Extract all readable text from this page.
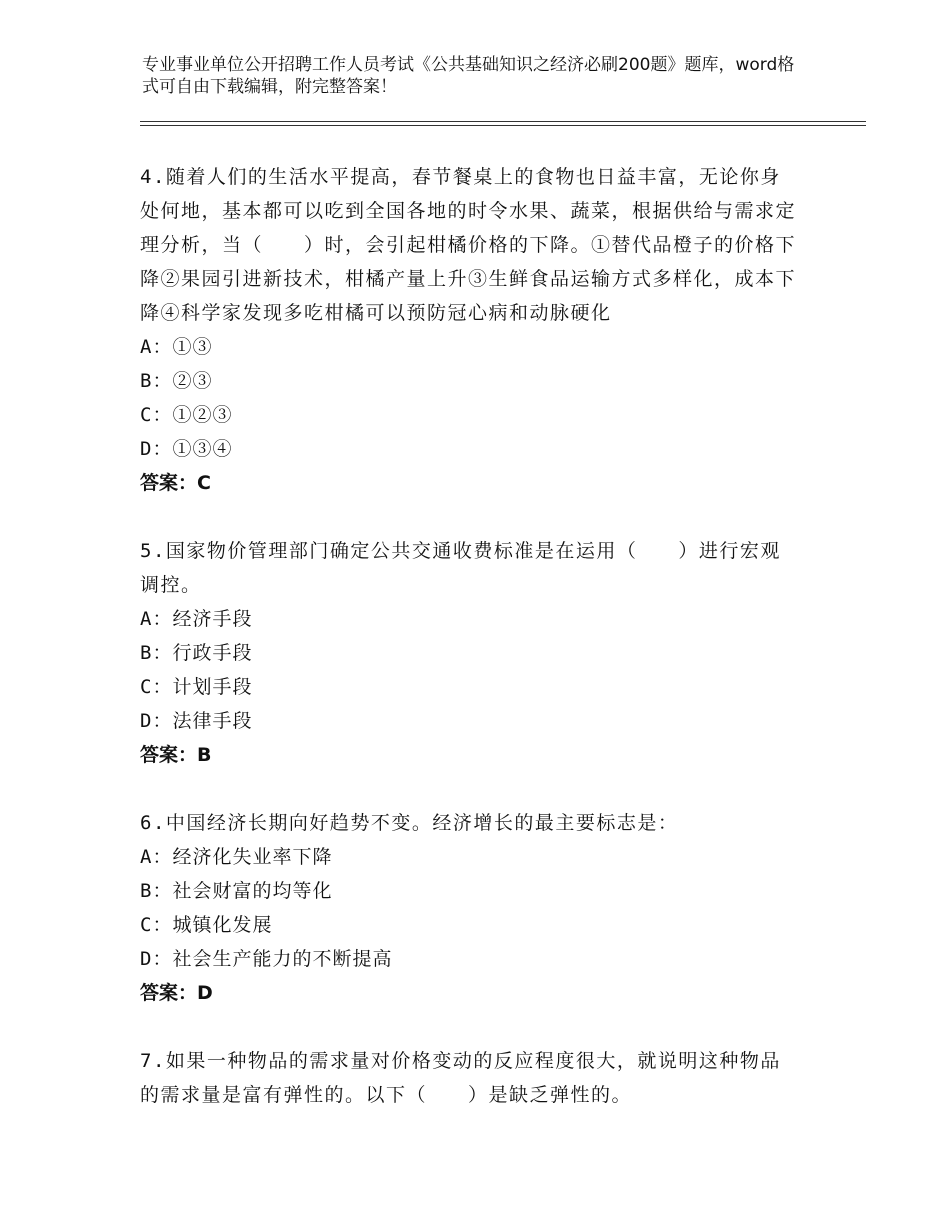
专业事业单位公开招聘工作人员考试《公共基础知识之经济必刷200题》题库，word格式可自由下载编辑，附完整答案！
4.随着人们的生活水平提高，春节餐桌上的食物也日益丰富，无论你身处何地，基本都可以吃到全国各地的时令水果、蔬菜，根据供给与需求定理分析，当（　　）时，会引起柑橘价格的下降。①替代品橙子的价格下降②果园引进新技术，柑橘产量上升③生鲜食品运输方式多样化，成本下降④科学家发现多吃柑橘可以预防冠心病和动脉硬化
A：①③
B：②③
C：①②③
D：①③④
答案：C
5.国家物价管理部门确定公共交通收费标准是在运用（　　）进行宏观调控。
A：经济手段
B：行政手段
C：计划手段
D：法律手段
答案：B
6.中国经济长期向好趋势不变。经济增长的最主要标志是：
A：经济化失业率下降
B：社会财富的均等化
C：城镇化发展
D：社会生产能力的不断提高
答案：D
7.如果一种物品的需求量对价格变动的反应程度很大，就说明这种物品的需求量是富有弹性的。以下（　　）是缺乏弹性的。
